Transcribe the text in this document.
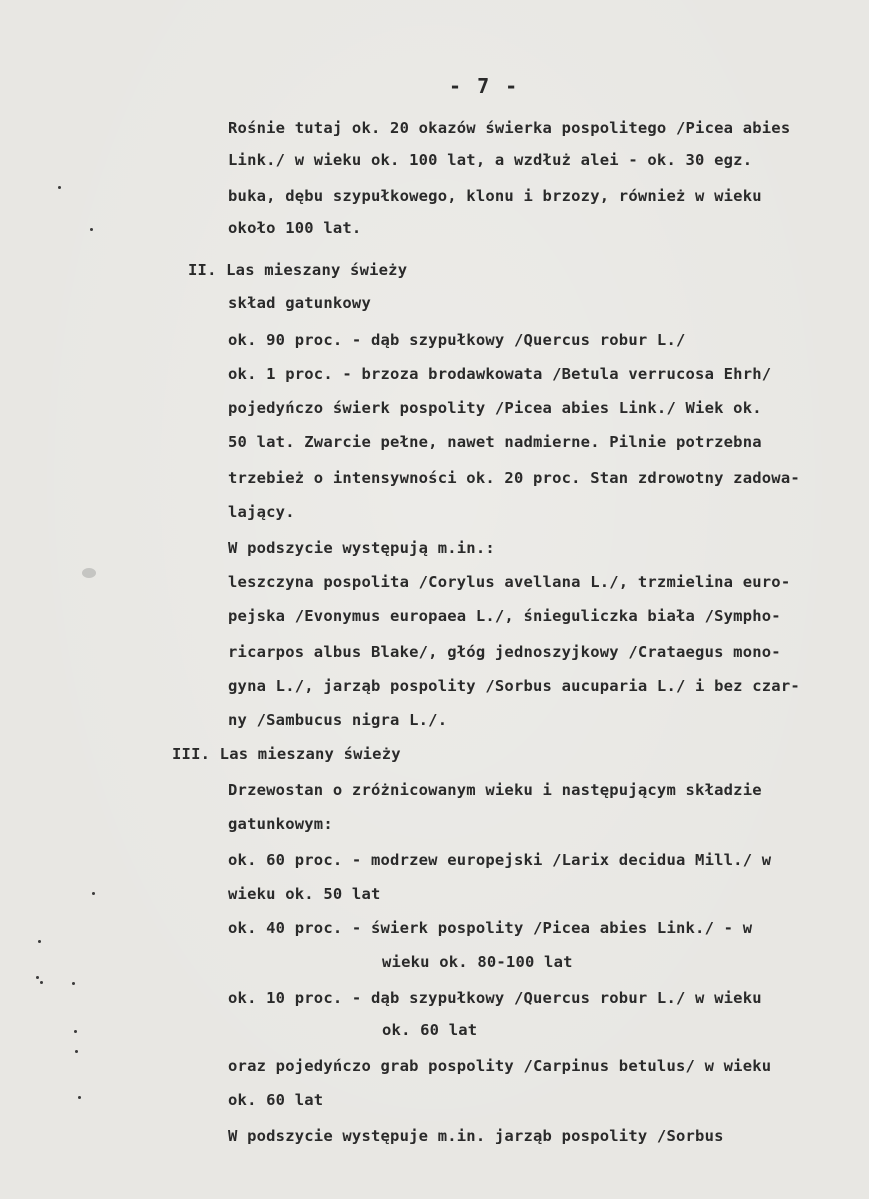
- 7 -
Rośnie tutaj ok. 20 okazów świerka pospolitego /Picea abies
Link./ w wieku ok. 100 lat, a wzdłuż alei - ok. 30 egz.
buka, dębu szypułkowego, klonu i brzozy, również w wieku
około 100 lat.
II. Las mieszany świeży
skład gatunkowy
ok. 90 proc. - dąb szypułkowy /Quercus robur L./
ok. 1 proc. - brzoza brodawkowata /Betula verrucosa Ehrh/
pojedyńczo świerk pospolity /Picea abies Link./ Wiek ok.
50 lat. Zwarcie pełne, nawet nadmierne. Pilnie potrzebna
trzebież o intensywności ok. 20 proc. Stan zdrowotny zadowa-
lający.
W podszycie występują m.in.:
leszczyna pospolita /Corylus avellana L./, trzmielina euro-
pejska /Evonymus europaea L./, śnieguliczka biała /Sympho-
ricarpos albus Blake/, głóg jednoszyjkowy /Crataegus mono-
gyna L./, jarząb pospolity /Sorbus aucuparia L./ i bez czar-
ny /Sambucus nigra L./.
III. Las mieszany świeży
Drzewostan o zróżnicowanym wieku i następującym składzie
gatunkowym:
ok. 60 proc. - modrzew europejski /Larix decidua Mill./ w
wieku ok. 50 lat
ok. 40 proc. - świerk pospolity /Picea abies Link./ - w
wieku ok. 80-100 lat
ok. 10 proc. - dąb szypułkowy /Quercus robur L./ w wieku
ok. 60 lat
oraz pojedyńczo grab pospolity /Carpinus betulus/ w wieku
ok. 60 lat
W podszycie występuje m.in. jarząb pospolity /Sorbus
